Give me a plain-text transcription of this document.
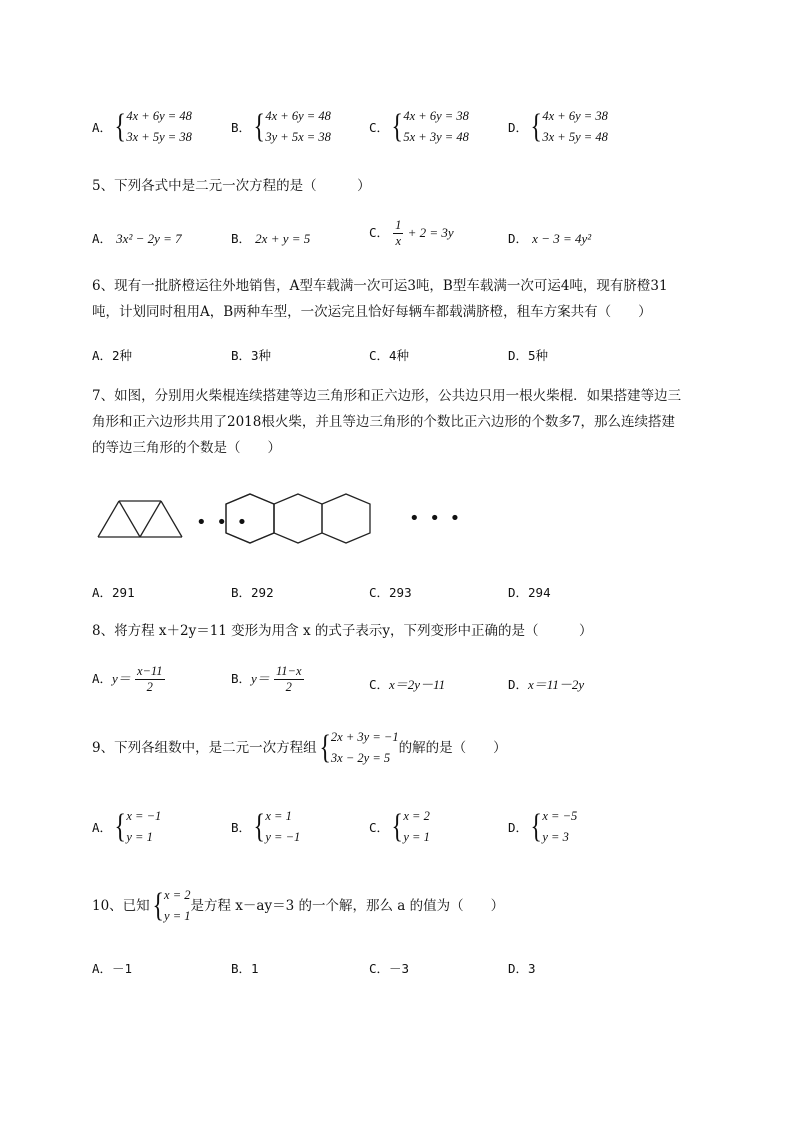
A． { 4x + 6y = 48
3x + 5y = 38
B． { 4x + 6y = 48
3y + 5x = 38
C． { 4x + 6y = 38
5x + 3y = 48
D． { 4x + 6y = 38
3x + 5y = 48
5、下列各式中是二元一次方程的是（　　　）
A． 3x² − 2y = 7	B． 2x + y = 5	C． $\frac{1}{x} + 2 = 3y$	D． x − 3 = 4y²
6、现有一批脐橙运往外地销售，A型车载满一次可运3吨，B型车载满一次可运4吨，现有脐橙31
吨，计划同时租用A，B两种车型，一次运完且恰好每辆车都载满脐橙，租车方案共有（　　）
A．2种	B．3种	C．4种	D．5种
7、如图，分别用火柴棍连续搭建等边三角形和正六边形，公共边只用一根火柴棍．如果搭建等边三
角形和正六边形共用了2018根火柴，并且等边三角形的个数比正六边形的个数多7，那么连续搭建
的等边三角形的个数是（　　）
• • •	• • •
A．291	B．292	C．293	D．294
8、将方程 x＋2y＝11 变形为用含 x 的式子表示y，下列变形中正确的是（　　　）
A．$y= \frac{x-11}{2}$	B．$y= \frac{11-x}{2}$	C．x＝2y－11	D．x＝11－2y
9、下列各组数中，是二元一次方程组 { 2x + 3y = −1
3x − 2y = 5
的解的是（　　）
A． { x = −1
y = 1
B． { x = 1
y = −1
C． { x = 2
y = 1
D． { x = −5
y = 3
10、已知 { x = 2
y = 1
是方程 x－ay＝3 的一个解，那么 a 的值为（　　）
A．－1	B．1	C．－3	D．3
